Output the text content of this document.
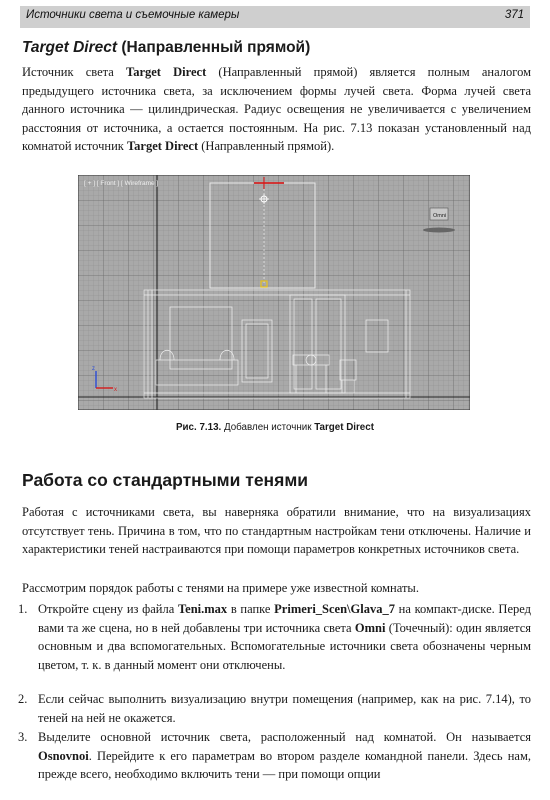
Источники света и съемочные камеры	371
Target Direct (Направленный прямой)

Источник света Target Direct (Направленный прямой) является полным аналогом предыдущего источника света, за исключением формы лучей света. Форма лучей света данного источника — цилиндрическая. Радиус освещения не увеличивается с увеличением расстояния от источника, а остается постоянным. На рис. 7.13 показан установленный над комнатой источник Target Direct (Направленный прямой).

[ + ] [ Front ] [ Wireframe ]
Omni
z
x
Рис. 7.13. Добавлен источник Target Direct
Работа со стандартными тенями

Работая с источниками света, вы наверняка обратили внимание, что на визуализациях отсутствует тень. Причина в том, что по стандартным настройкам тени отключены. Наличие и характеристики теней настраиваются при помощи параметров конкретных источников света.

Рассмотрим порядок работы с тенями на примере уже известной комнаты.

1. Откройте сцену из файла Teni.max в папке Primeri_Scen\Glava_7 на компакт-диске. Перед вами та же сцена, но в ней добавлены три источника света Omni (Точечный): один является основным и два вспомогательных. Вспомогательные источники света обозначены черным цветом, т. к. в данный момент они отключены.
2. Если сейчас выполнить визуализацию внутри помещения (например, как на рис. 7.14), то теней на ней не окажется.
3. Выделите основной источник света, расположенный над комнатой. Он называется Osnovnoi. Перейдите к его параметрам во втором разделе командной панели. Здесь нам, прежде всего, необходимо включить тени — при помощи опции
